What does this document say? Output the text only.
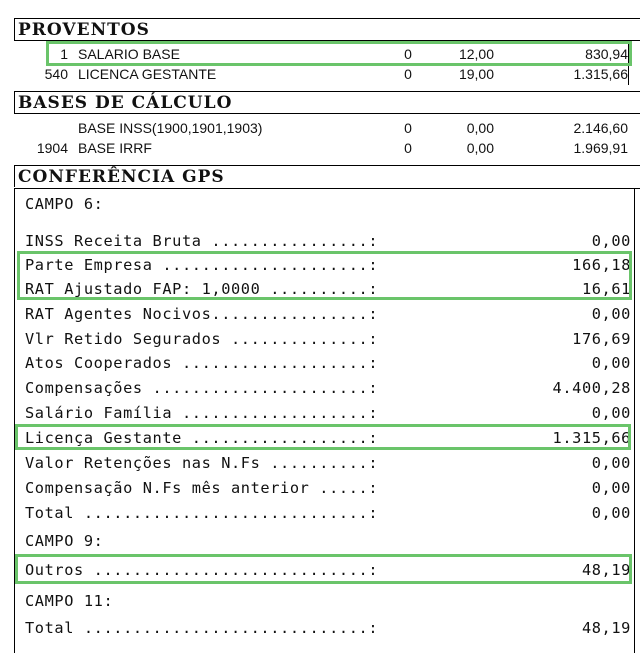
PROVENTOS
1 SALARIO BASE	0	12,00	830,94
540 LICENCA GESTANTE	0	19,00	1.315,66
BASES DE CÁLCULO
BASE INSS(1900,1901,1903)	0	0,00	2.146,60
1904 BASE IRRF	0	0,00	1.969,91
CONFERÊNCIA GPS
CAMPO 6:
INSS Receita Bruta ................:	0,00
Parte Empresa .....................:	166,18
RAT Ajustado FAP: 1,0000 ..........:	16,61
RAT Agentes Nocivos................:	0,00
Vlr Retido Segurados ..............:	176,69
Atos Cooperados ...................:	0,00
Compensações ......................:	4.400,28
Salário Família ...................:	0,00
Licença Gestante ..................:	1.315,66
Valor Retenções nas N.Fs ..........:	0,00
Compensação N.Fs mês anterior .....:	0,00
Total .............................:	0,00
CAMPO 9:
Outros ............................:	48,19
CAMPO 11:
Total .............................:	48,19
